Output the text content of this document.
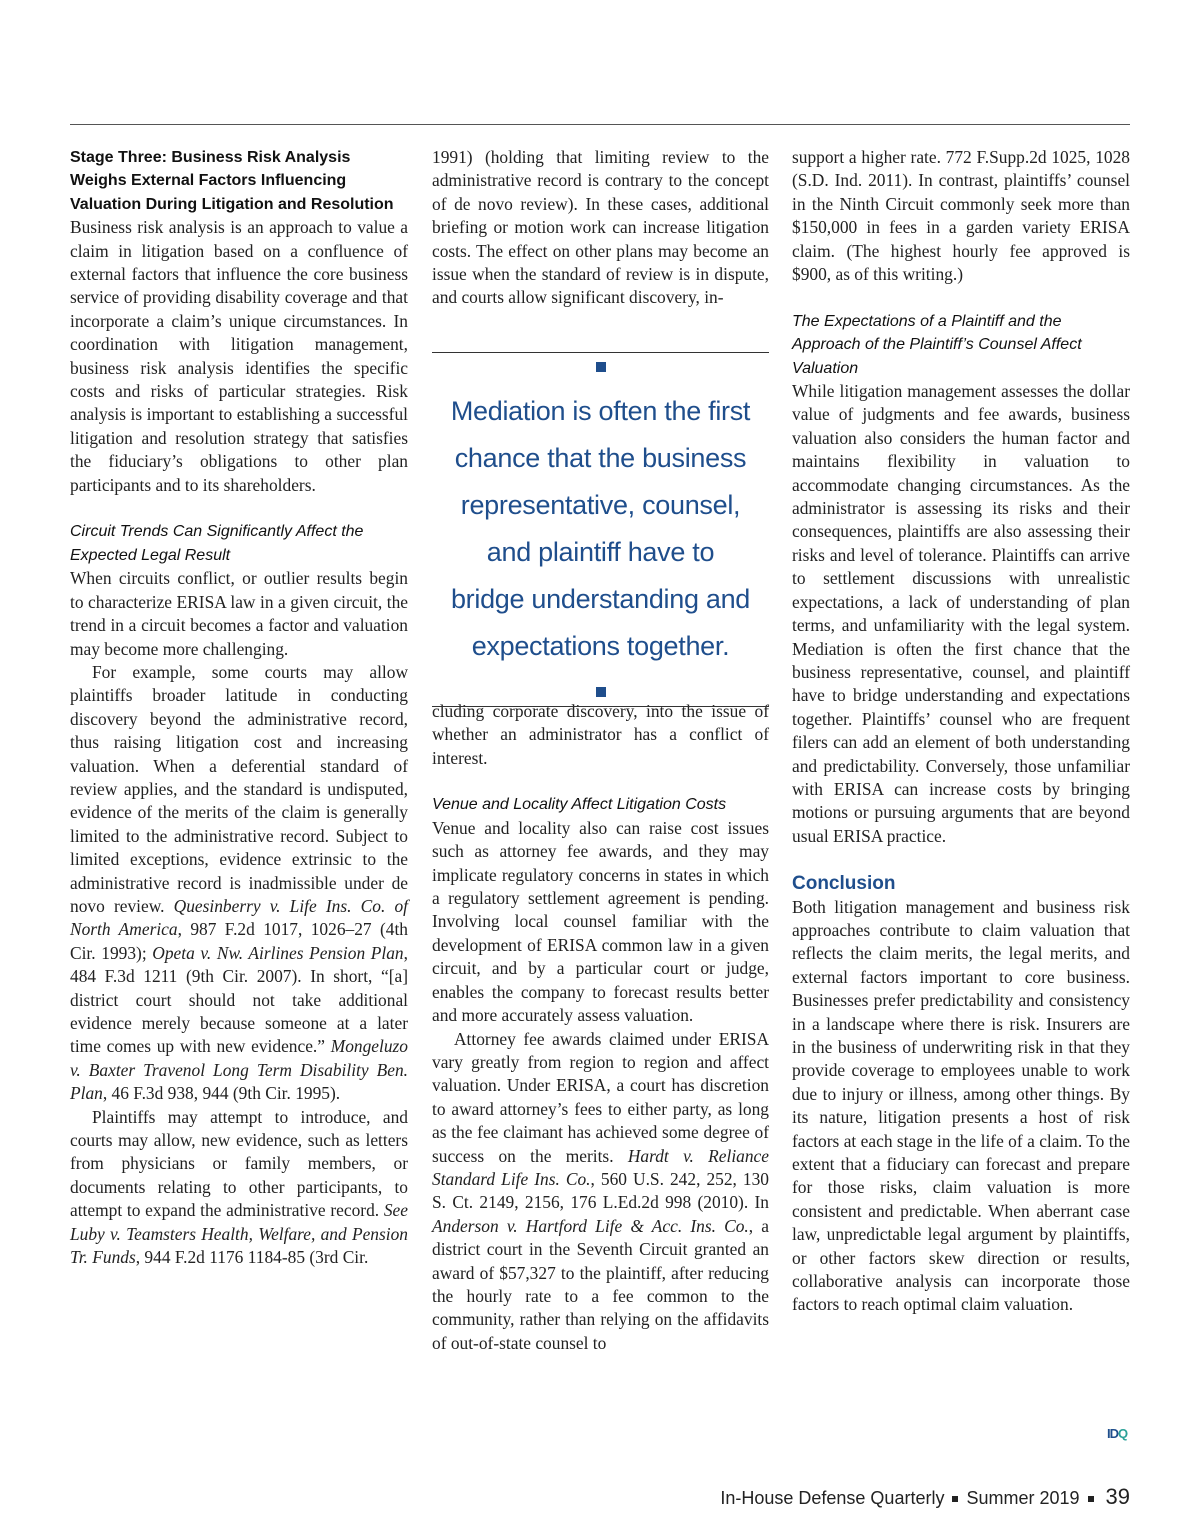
Stage Three: Business Risk Analysis Weighs External Factors Influencing Valuation During Litigation and Resolution

Business risk analysis is an approach to value a claim in litigation based on a confluence of external factors that influence the core business service of providing disability coverage and that incorporate a claim’s unique circumstances. In coordination with litigation management, business risk analysis identifies the specific costs and risks of particular strategies. Risk analysis is important to establishing a successful litigation and resolution strategy that satisfies the fiduciary’s obligations to other plan participants and to its shareholders.

Circuit Trends Can Significantly Affect the Expected Legal Result

When circuits conflict, or outlier results begin to characterize ERISA law in a given circuit, the trend in a circuit becomes a factor and valuation may become more challenging.

For example, some courts may allow plaintiffs broader latitude in conducting discovery beyond the administrative record, thus raising litigation cost and increasing valuation. When a deferential standard of review applies, and the standard is undisputed, evidence of the merits of the claim is generally limited to the administrative record. Subject to limited exceptions, evidence extrinsic to the administrative record is inadmissible under de novo review. Quesinberry v. Life Ins. Co. of North America, 987 F.2d 1017, 1026–27 (4th Cir. 1993); Opeta v. Nw. Airlines Pension Plan, 484 F.3d 1211 (9th Cir. 2007). In short, “[a] district court should not take additional evidence merely because someone at a later time comes up with new evidence.” Mongeluzo v. Baxter Travenol Long Term Disability Ben. Plan, 46 F.3d 938, 944 (9th Cir. 1995).

Plaintiffs may attempt to introduce, and courts may allow, new evidence, such as letters from physicians or family members, or documents relating to other participants, to attempt to expand the administrative record. See Luby v. Teamsters Health, Welfare, and Pension Tr. Funds, 944 F.2d 1176 1184-85 (3rd Cir.

1991) (holding that limiting review to the administrative record is contrary to the concept of de novo review). In these cases, additional briefing or motion work can increase litigation costs. The effect on other plans may become an issue when the standard of review is in dispute, and courts allow significant discovery, in-

cluding corporate discovery, into the issue of whether an administrator has a conflict of interest.

Venue and Locality Affect Litigation Costs

Venue and locality also can raise cost issues such as attorney fee awards, and they may implicate regulatory concerns in states in which a regulatory settlement agreement is pending. Involving local counsel familiar with the development of ERISA common law in a given circuit, and by a particular court or judge, enables the company to forecast results better and more accurately assess valuation.

Attorney fee awards claimed under ERISA vary greatly from region to region and affect valuation. Under ERISA, a court has discretion to award attorney’s fees to either party, as long as the fee claimant has achieved some degree of success on the merits. Hardt v. Reliance Standard Life Ins. Co., 560 U.S. 242, 252, 130 S. Ct. 2149, 2156, 176 L.Ed.2d 998 (2010). In Anderson v. Hartford Life & Acc. Ins. Co., a district court in the Seventh Circuit granted an award of $57,327 to the plaintiff, after reducing the hourly rate to a fee common to the community, rather than relying on the affidavits of out-of-state counsel to

Mediation is often the first
chance that the business
representative, counsel,
and plaintiff have to
bridge understanding and
expectations together.

support a higher rate. 772 F.Supp.2d 1025, 1028 (S.D. Ind. 2011). In contrast, plaintiffs’ counsel in the Ninth Circuit commonly seek more than $150,000 in fees in a garden variety ERISA claim. (The highest hourly fee approved is $900, as of this writing.)

The Expectations of a Plaintiff and the Approach of the Plaintiff’s Counsel Affect Valuation

While litigation management assesses the dollar value of judgments and fee awards, business valuation also considers the human factor and maintains flexibility in valuation to accommodate changing circumstances. As the administrator is assessing its risks and their consequences, plaintiffs are also assessing their risks and level of tolerance. Plaintiffs can arrive to settlement discussions with unrealistic expectations, a lack of understanding of plan terms, and unfamiliarity with the legal system. Mediation is often the first chance that the business representative, counsel, and plaintiff have to bridge understanding and expectations together. Plaintiffs’ counsel who are frequent filers can add an element of both understanding and predictability. Conversely, those unfamiliar with ERISA can increase costs by bringing motions or pursuing arguments that are beyond usual ERISA practice.

Conclusion

Both litigation management and business risk approaches contribute to claim valuation that reflects the claim merits, the legal merits, and external factors important to core business. Businesses prefer predictability and consistency in a landscape where there is risk. Insurers are in the business of underwriting risk in that they provide coverage to employees unable to work due to injury or illness, among other things. By its nature, litigation presents a host of risk factors at each stage in the life of a claim. To the extent that a fiduciary can forecast and prepare for those risks, claim valuation is more consistent and predictable. When aberrant case law, unpredictable legal argument by plaintiffs, or other factors skew direction or results, collaborative analysis can incorporate those factors to reach optimal claim valuation.

IDQ
In-House Defense Quarterly Summer 2019 39
